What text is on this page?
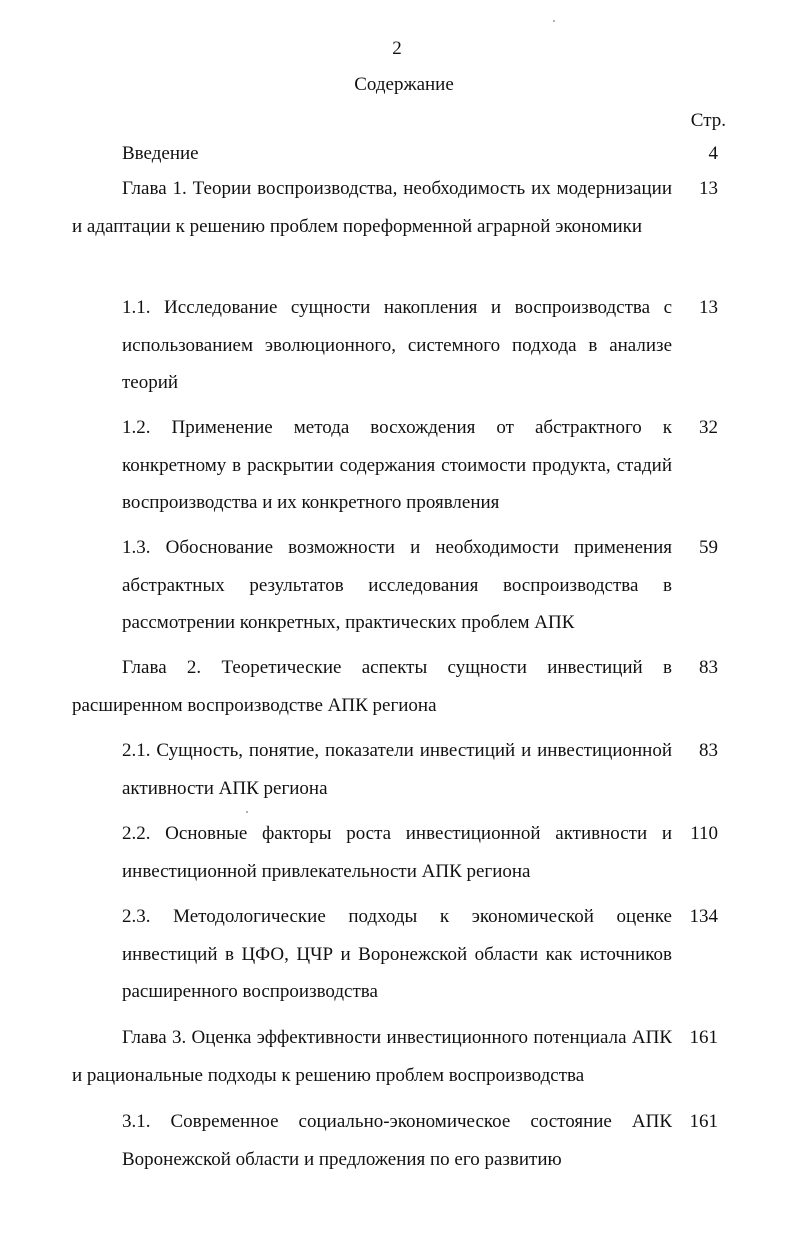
2
Содержание
Стр.
Введение	4
Глава 1. Теории воспроизводства, необходимость их модернизации и адаптации к решению проблем пореформенной аграрной экономики
13
1.1. Исследование сущности накопления и воспроизводства с использованием эволюционного, системного подхода в анализе теорий
13
1.2. Применение метода восхождения от абстрактного к конкретному в раскрытии содержания стоимости продукта, стадий воспроизводства и их конкретного проявления
32
1.3. Обоснование возможности и необходимости применения абстрактных результатов исследования воспроизводства в рассмотрении конкретных, практических проблем АПК
59
Глава 2. Теоретические аспекты сущности инвестиций в расширенном воспроизводстве АПК региона
83
2.1. Сущность, понятие, показатели инвестиций и инвестиционной активности АПК региона
83
2.2. Основные факторы роста инвестиционной активности и инвестиционной привлекательности АПК региона
110
2.3. Методологические подходы к экономической оценке инвестиций в ЦФО, ЦЧР и Воронежской области как источников расширенного воспроизводства
134
Глава 3. Оценка эффективности инвестиционного потенциала АПК и рациональные подходы к решению проблем воспроизводства
161
3.1. Современное социально-экономическое состояние АПК Воронежской области и предложения по его развитию
161
